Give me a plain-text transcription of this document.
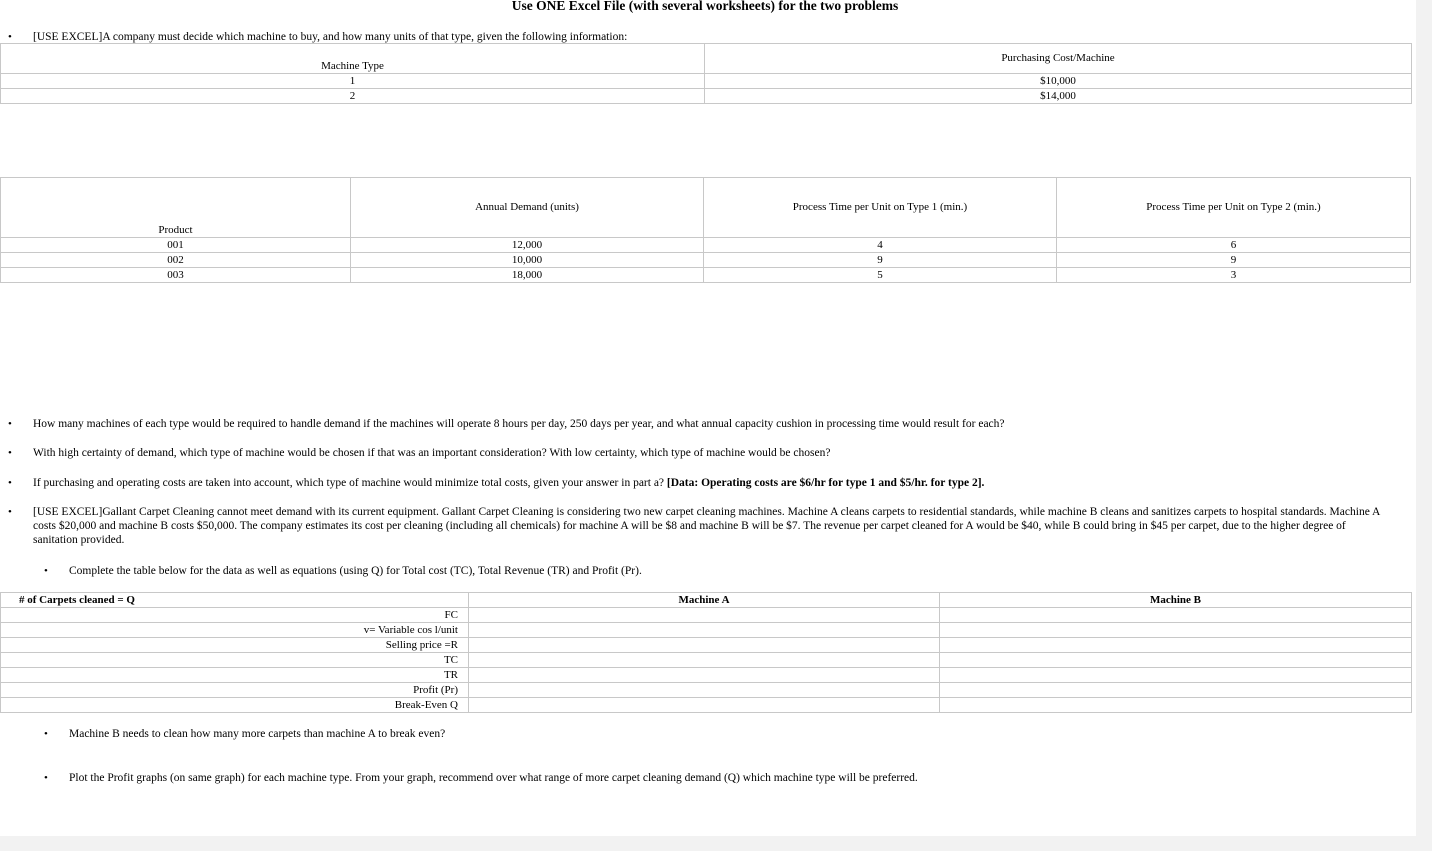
Use ONE Excel File (with several worksheets) for the two problems
• [USE EXCEL]A company must decide which machine to buy, and how many units of that type, given the following information:
Machine Type	Purchasing Cost/Machine
1	$10,000
2	$14,000
Product	Annual Demand (units)	Process Time per Unit on Type 1 (min.)	Process Time per Unit on Type 2 (min.)
001	12,000	4	6
002	10,000	9	9
003	18,000	5	3
• How many machines of each type would be required to handle demand if the machines will operate 8 hours per day, 250 days per year, and what annual capacity cushion in processing time would result for each?
• With high certainty of demand, which type of machine would be chosen if that was an important consideration? With low certainty, which type of machine would be chosen?
• If purchasing and operating costs are taken into account, which type of machine would minimize total costs, given your answer in part a? [Data: Operating costs are $6/hr for type 1 and $5/hr. for type 2].
• [USE EXCEL]Gallant Carpet Cleaning cannot meet demand with its current equipment. Gallant Carpet Cleaning is considering two new carpet cleaning machines. Machine A cleans carpets to residential standards, while machine B cleans and sanitizes carpets to hospital standards. Machine A costs $20,000 and machine B costs $50,000. The company estimates its cost per cleaning (including all chemicals) for machine A will be $8 and machine B will be $7. The revenue per carpet cleaned for A would be $40, while B could bring in $45 per carpet, due to the higher degree of sanitation provided.
• Complete the table below for the data as well as equations (using Q) for Total cost (TC), Total Revenue (TR) and Profit (Pr).
# of Carpets cleaned = Q	Machine A	Machine B
FC		
v= Variable cos l/unit		
Selling price =R		
TC		
TR		
Profit (Pr)		
Break-Even Q		
• Machine B needs to clean how many more carpets than machine A to break even?
• Plot the Profit graphs (on same graph) for each machine type. From your graph, recommend over what range of more carpet cleaning demand (Q) which machine type will be preferred.
